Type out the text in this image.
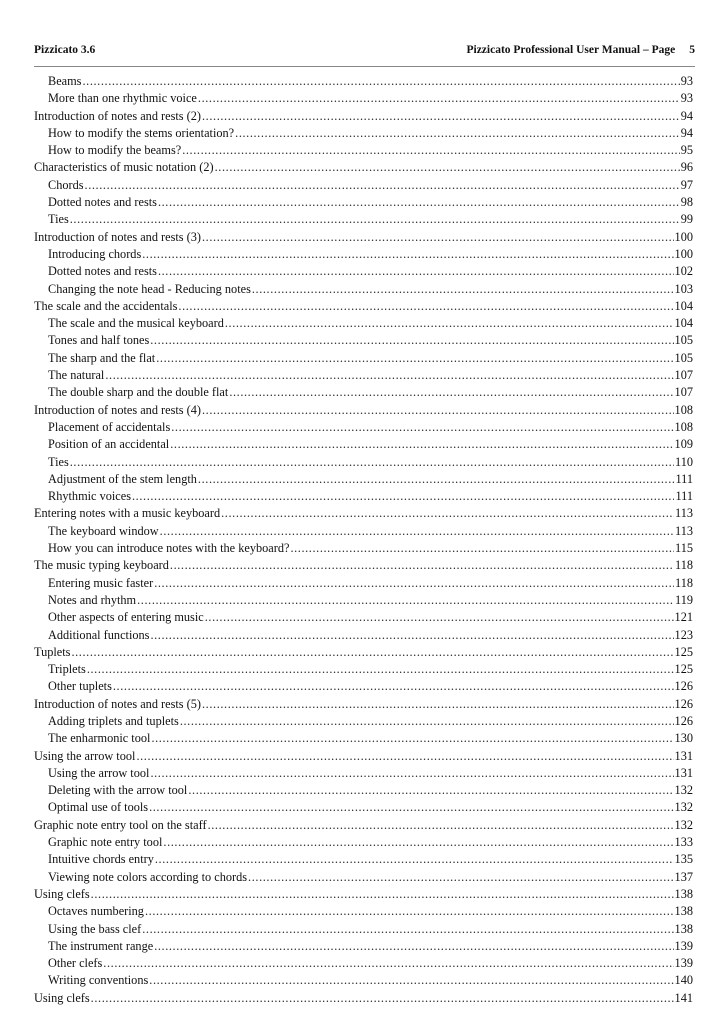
Pizzicato 3.6	Pizzicato Professional User Manual – Page 5
Beams .....	93
More than one rhythmic voice .....	93
Introduction of notes and rests (2) .....	94
How to modify the stems orientation? .....	94
How to modify the beams? .....	95
Characteristics of music notation (2) .....	96
Chords .....	97
Dotted notes and rests .....	98
Ties .....	99
Introduction of notes and rests (3) .....	100
Introducing chords .....	100
Dotted notes and rests .....	102
Changing the note head - Reducing notes .....	103
The scale and the accidentals .....	104
The scale and the musical keyboard .....	104
Tones and half tones .....	105
The sharp and the flat .....	105
The natural .....	107
The double sharp and the double flat .....	107
Introduction of notes and rests (4) .....	108
Placement of accidentals .....	108
Position of an accidental .....	109
Ties .....	110
Adjustment of the stem length .....	111
Rhythmic voices .....	111
Entering notes with a music keyboard .....	113
The keyboard window .....	113
How you can introduce notes with the keyboard? .....	115
The music typing keyboard .....	118
Entering music faster .....	118
Notes and rhythm .....	119
Other aspects of entering music .....	121
Additional functions .....	123
Tuplets .....	125
Triplets .....	125
Other tuplets .....	126
Introduction of notes and rests (5) .....	126
Adding triplets and tuplets .....	126
The enharmonic tool .....	130
Using the arrow tool .....	131
Using the arrow tool .....	131
Deleting with the arrow tool .....	132
Optimal use of tools .....	132
Graphic note entry tool on the staff .....	132
Graphic note entry tool .....	133
Intuitive chords entry .....	135
Viewing note colors according to chords .....	137
Using clefs .....	138
Octaves numbering .....	138
Using the bass clef .....	138
The instrument range .....	139
Other clefs .....	139
Writing conventions .....	140
Using clefs .....	141
